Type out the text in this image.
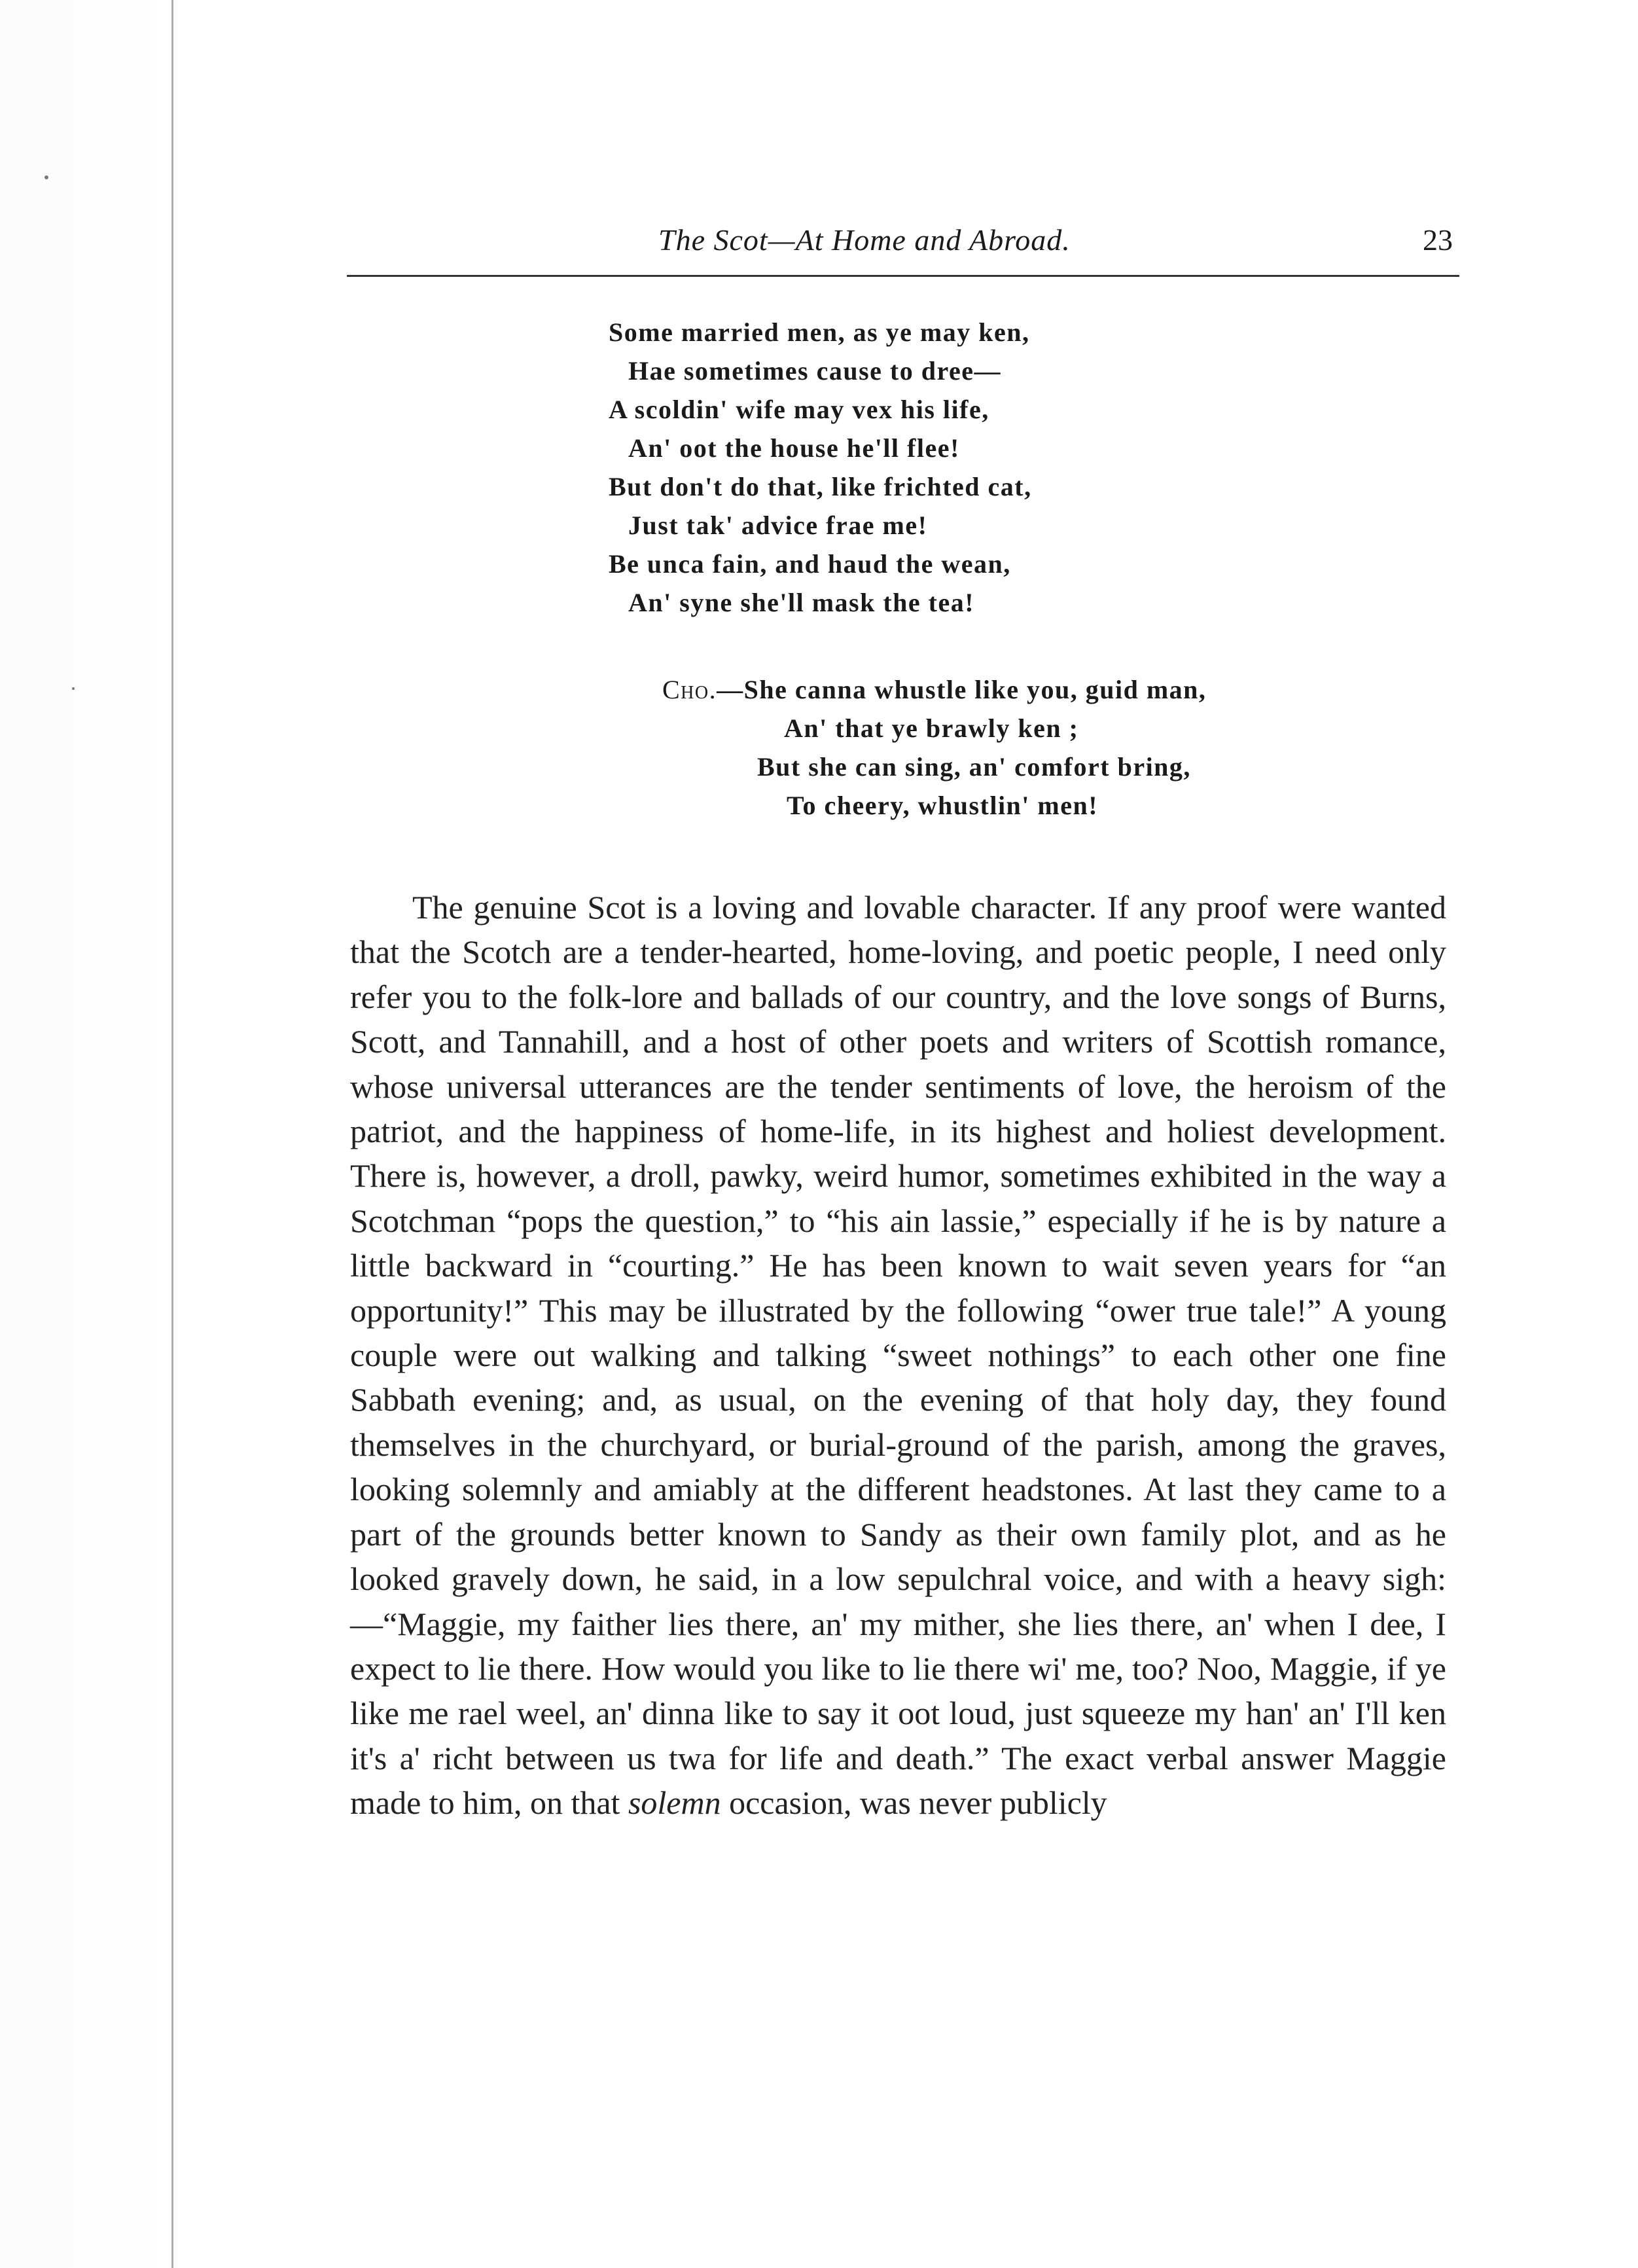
The Scot—At Home and Abroad.	23
Some married men, as ye may ken,
Hae sometimes cause to dree—
A scoldin' wife may vex his life,
An' oot the house he'll flee!
But don't do that, like frichted cat,
Just tak' advice frae me!
Be unca fain, and haud the wean,
An' syne she'll mask the tea!
Cho.—She canna whustle like you, guid man,
An' that ye brawly ken ;
But she can sing, an' comfort bring,
To cheery, whustlin' men!

The genuine Scot is a loving and lovable character. If any proof were wanted that the Scotch are a tender-hearted, home-loving, and poetic people, I need only refer you to the folk-lore and ballads of our country, and the love songs of Burns, Scott, and Tannahill, and a host of other poets and writers of Scottish romance, whose universal utterances are the tender sentiments of love, the heroism of the patriot, and the happiness of home-life, in its highest and holiest development. There is, however, a droll, pawky, weird humor, sometimes exhibited in the way a Scotchman “pops the question,” to “his ain lassie,” especially if he is by nature a little backward in “courting.” He has been known to wait seven years for “an opportunity!” This may be illustrated by the following “ower true tale!” A young couple were out walking and talking “sweet nothings” to each other one fine Sabbath evening; and, as usual, on the evening of that holy day, they found themselves in the churchyard, or burial-ground of the parish, among the graves, looking solemnly and amiably at the different headstones. At last they came to a part of the grounds better known to Sandy as their own family plot, and as he looked gravely down, he said, in a low sepulchral voice, and with a heavy sigh:—“Maggie, my faither lies there, an' my mither, she lies there, an' when I dee, I expect to lie there. How would you like to lie there wi' me, too? Noo, Maggie, if ye like me rael weel, an' dinna like to say it oot loud, just squeeze my han' an' I'll ken it's a' richt between us twa for life and death.” The exact verbal answer Maggie made to him, on that solemn occasion, was never publicly
